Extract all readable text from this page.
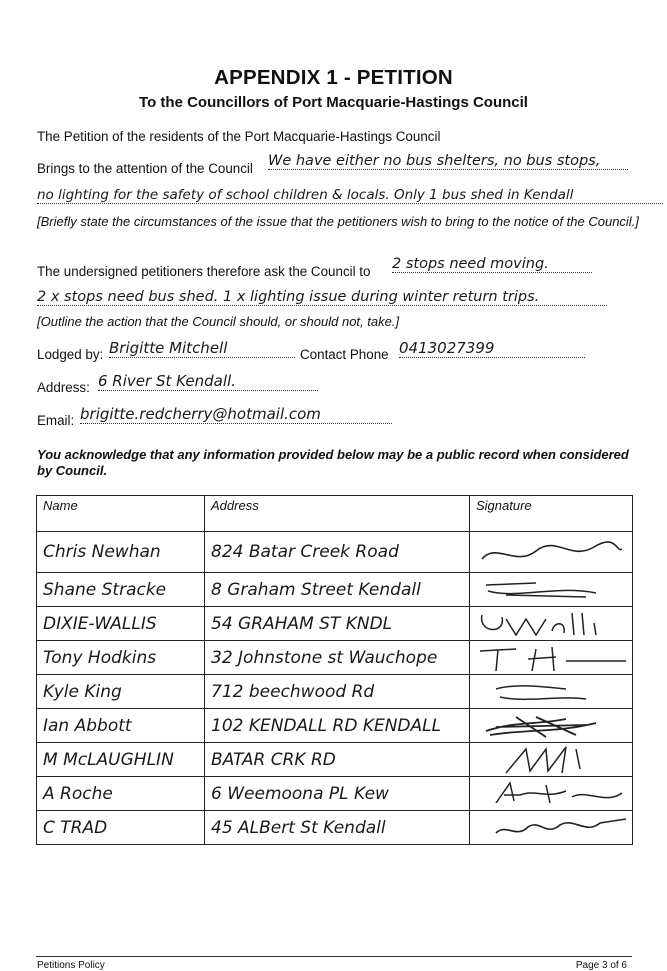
APPENDIX 1 - PETITION
To the Councillors of Port Macquarie-Hastings Council
The Petition of the residents of the Port Macquarie-Hastings Council
Brings to the attention of the Council We have either no bus shelters, no bus stops,
no lighting for the safety of school children & locals. Only 1 bus shed in Kendall
[Briefly state the circumstances of the issue that the petitioners wish to bring to the notice of the Council.]
The undersigned petitioners therefore ask the Council to 2 stops need moving.
2 x stops need bus shed. 1 x lighting issue during winter return trips.
[Outline the action that the Council should, or should not, take.]
Lodged by: Brigitte Mitchell	Contact Phone 0413027399
Address: 6 River St Kendall.
Email: brigitte.redcherry@hotmail.com
You acknowledge that any information provided below may be a public record when considered by Council.
Name	Address	Signature
Chris Newhan	824 Batar Creek Road	

Shane Stracke	8 Graham Street Kendall	

DIXIE-WALLIS	54 GRAHAM ST KNDL	

Tony Hodkins	32 Johnstone st Wauchope	

Kyle King	712 beechwood Rd	

Ian Abbott	102 KENDALL RD KENDALL	

M McLAUGHLIN	BATAR CRK RD	

A Roche	6 Weemoona PL Kew	

C TRAD	45 ALBert St Kendall	
Petitions Policy	Page 3 of 6
